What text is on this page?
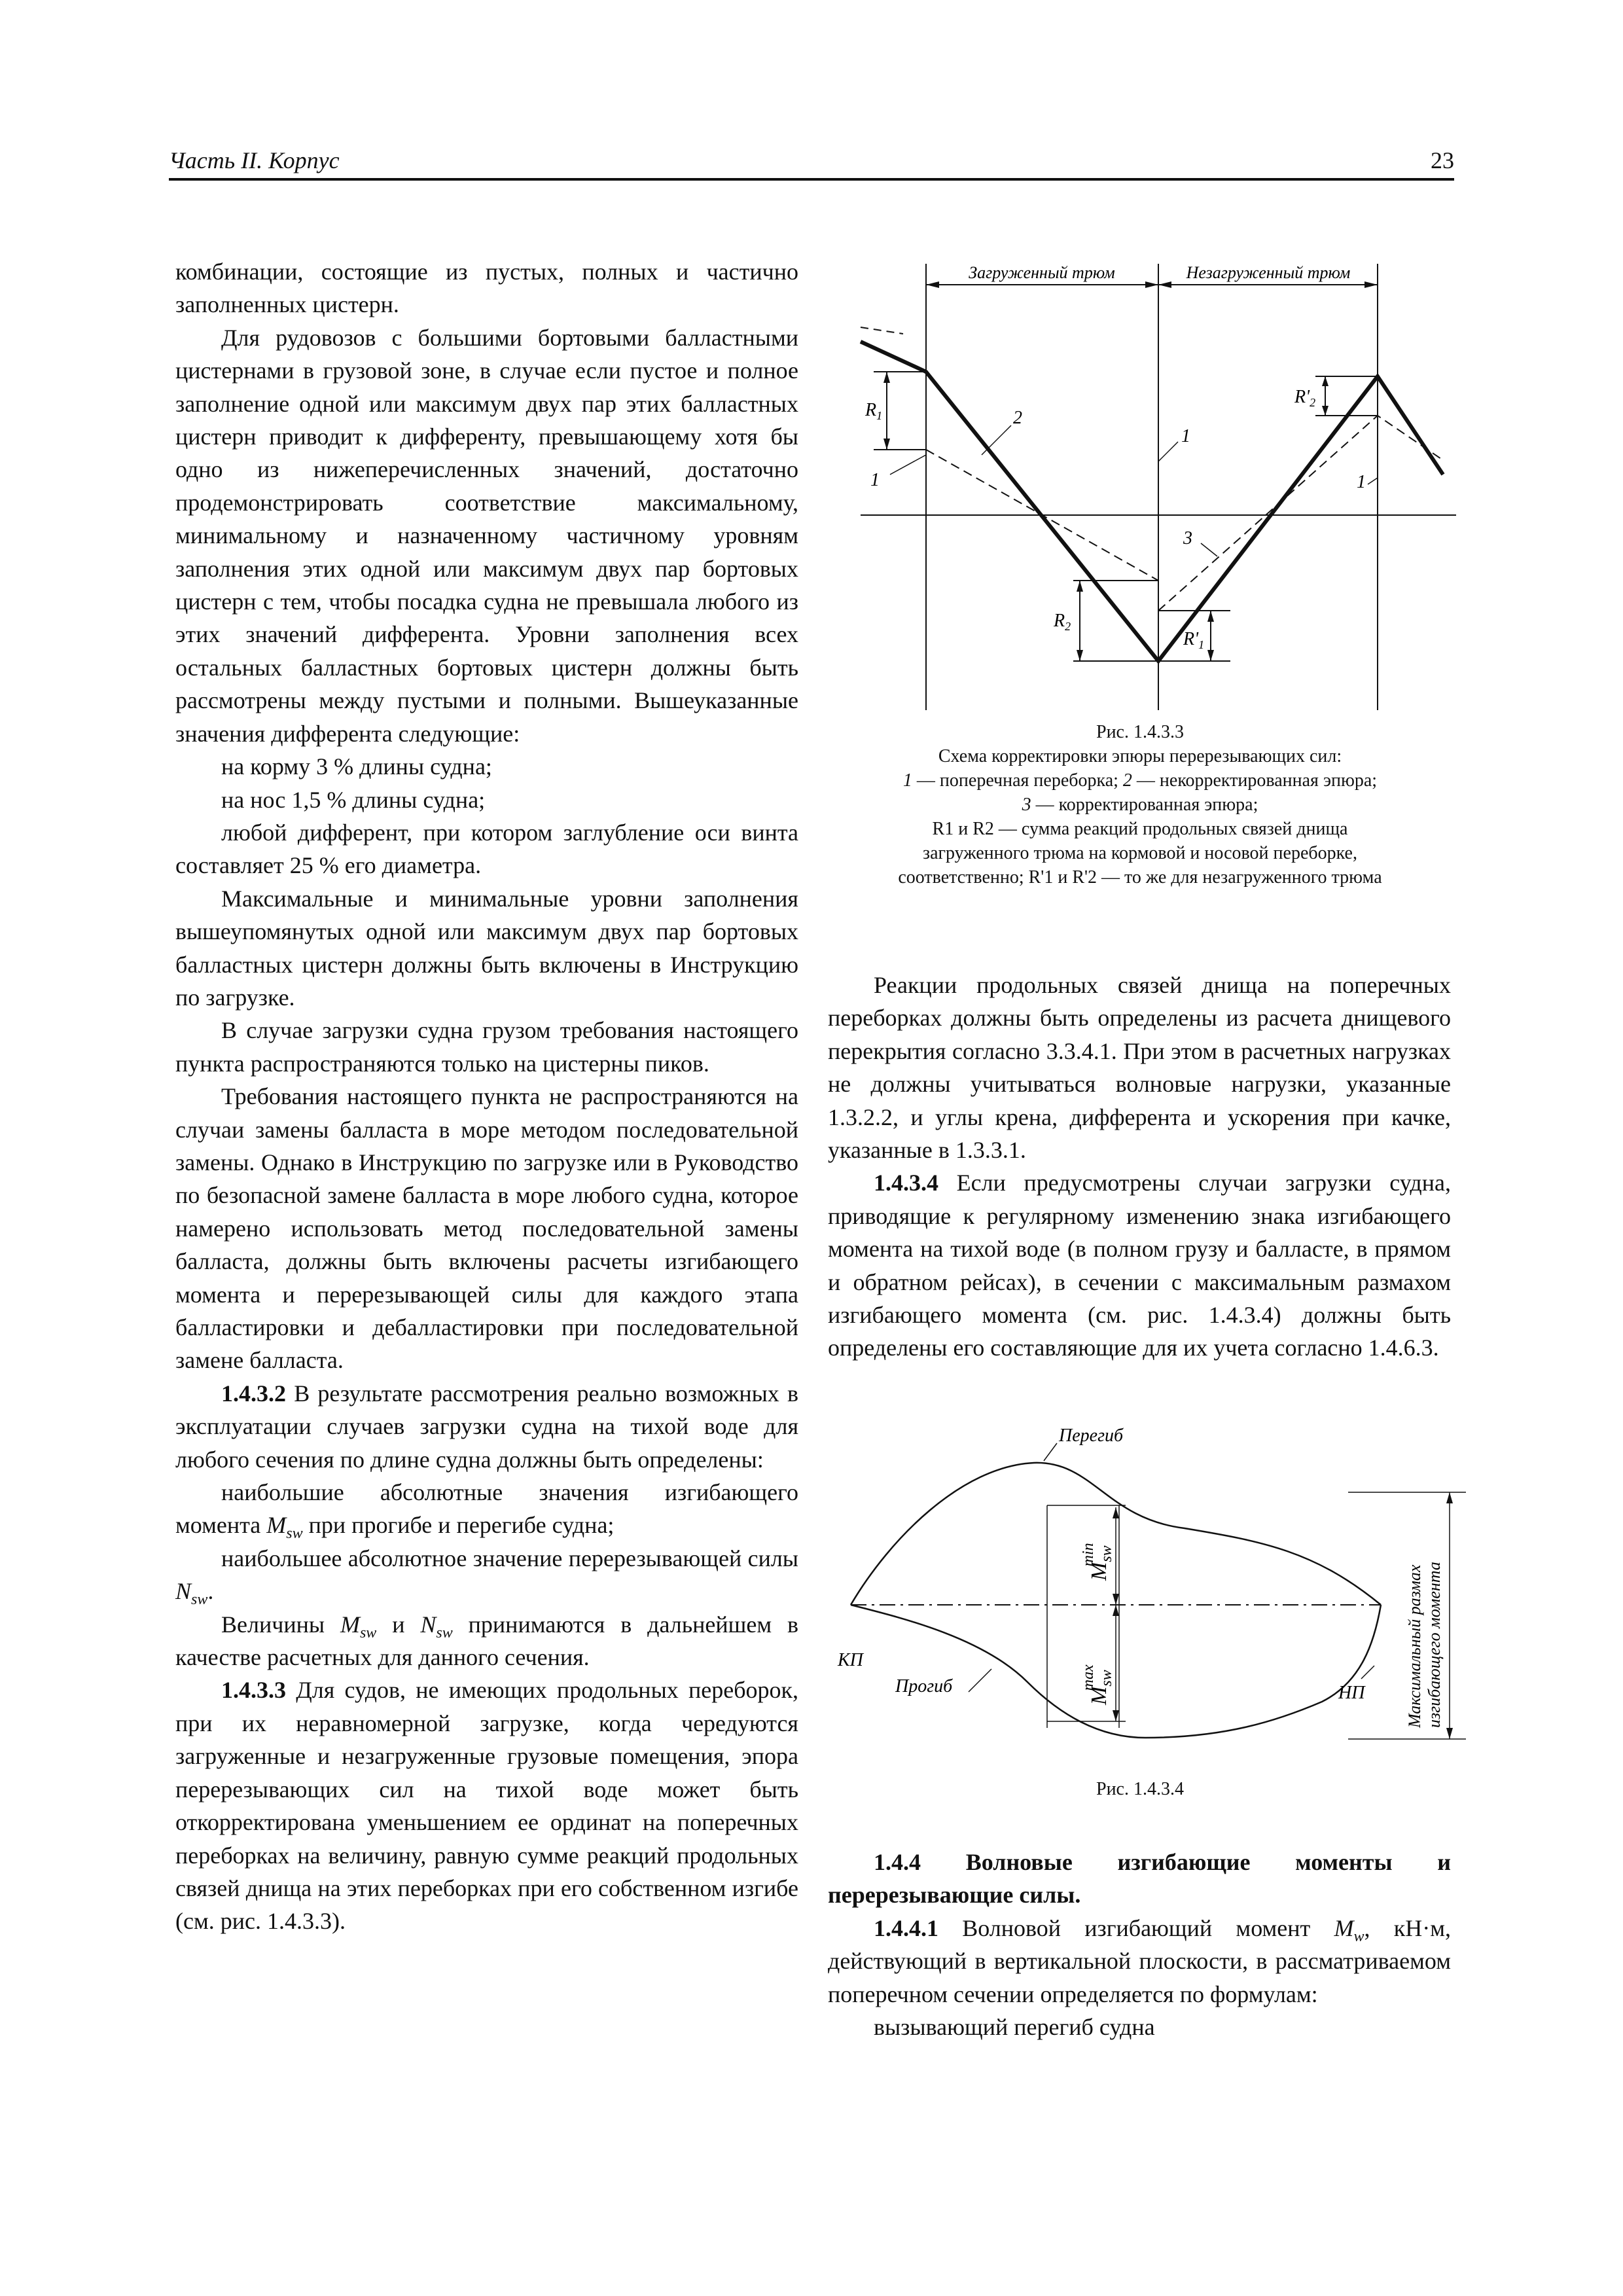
Часть II. Корпус	23

комбинации, состоящие из пустых, полных и частично заполненных цистерн.

Для рудовозов с большими бортовыми балластными цистернами в грузовой зоне, в случае если пустое и полное заполнение одной или максимум двух пар этих балластных цистерн приводит к дифференту, превышающему хотя бы одно из нижеперечисленных значений, достаточно продемонстрировать соответствие максимальному, минимальному и назначенному частичному уровням заполнения этих одной или максимум двух пар бортовых цистерн с тем, чтобы посадка судна не превышала любого из этих значений дифферента. Уровни заполнения всех остальных балластных бортовых цистерн должны быть рассмотрены между пустыми и полными. Вышеуказанные значения дифферента следующие:

на корму 3 % длины судна;

на нос 1,5 % длины судна;

любой дифферент, при котором заглубление оси винта составляет 25 % его диаметра.

Максимальные и минимальные уровни заполнения вышеупомянутых одной или максимум двух пар бортовых балластных цистерн должны быть включены в Инструкцию по загрузке.

В случае загрузки судна грузом требования настоящего пункта распространяются только на цистерны пиков.

Требования настоящего пункта не распространяются на случаи замены балласта в море методом последовательной замены. Однако в Инструкцию по загрузке или в Руководство по безопасной замене балласта в море любого судна, которое намерено использовать метод последовательной замены балласта, должны быть включены расчеты изгибающего момента и перерезывающей силы для каждого этапа балластировки и дебалластировки при последовательной замене балласта.

1.4.3.2 В результате рассмотрения реально возможных в эксплуатации случаев загрузки судна на тихой воде для любого сечения по длине судна должны быть определены:

наибольшие абсолютные значения изгибающего момента $M_{sw}$ при прогибе и перегибе судна;

наибольшее абсолютное значение перерезывающей силы $N_{sw}$.

Величины $M_{sw}$ и $N_{sw}$ принимаются в дальнейшем в качестве расчетных для данного сечения.

1.4.3.3 Для судов, не имеющих продольных переборок, при их неравномерной загрузке, когда чередуются загруженные и незагруженные грузовые помещения, эпора перерезывающих сил на тихой воде может быть откорректирована уменьшением ее ординат на поперечных переборках на величину, равную сумме реакций продольных связей днища на этих переборках при его собственном изгибе (см. рис. 1.4.3.3).

Загруженный трюм	Незагруженный трюм
$R_1$
$R_2$
$R'_1$
$R'_2$
1
2
1
3
1
Рис. 1.4.3.3
Схема корректировки эпюры перерезывающих сил:
1 — поперечная переборка; 2 — некорректированная эпюра;
3 — корректированная эпюра;
R1 и R2 — сумма реакций продольных связей днища
загруженного трюма на кормовой и носовой переборке,
соответственно; R'1 и R'2 — то же для незагруженного трюма

Реакции продольных связей днища на поперечных переборках должны быть определены из расчета днищевого перекрытия согласно 3.3.4.1. При этом в расчетных нагрузках не должны учитываться волновые нагрузки, указанные 1.3.2.2, и углы крена, дифферента и ускорения при качке, указанные в 1.3.3.1.

1.4.3.4 Если предусмотрены случаи загрузки судна, приводящие к регулярному изменению знака изгибающего момента на тихой воде (в полном грузу и балласте, в прямом и обратном рейсах), в сечении с максимальным размахом изгибающего момента (см. рис. 1.4.3.4) должны быть определены его составляющие для их учета согласно 1.4.6.3.

Перегиб
Прогиб
КП
НП
$M_{sw}\min$
$M_{sw}\max$	Максимальный размах изгибающего момента
Рис. 1.4.3.4

1.4.4 Волновые изгибающие моменты и перерезывающие силы.

1.4.4.1 Волновой изгибающий момент $M_w$, кН·м, действующий в вертикальной плоскости, в рассматриваемом поперечном сечении определяется по формулам:

вызывающий перегиб судна
